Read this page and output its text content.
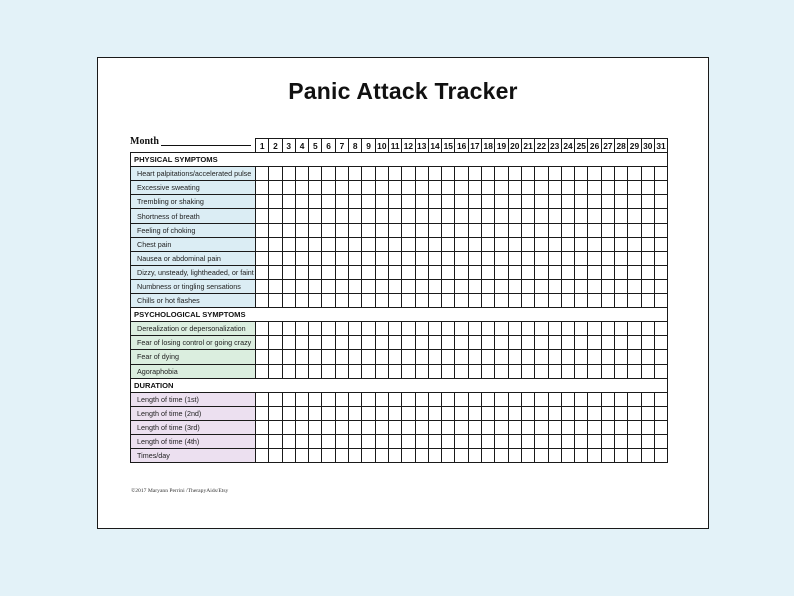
Panic Attack Tracker
Month
		1	2	3	4	5	6	7	8	9	10	11	12	13	14	15	16	17	18	19	20	21	22	23	24	25	26	27	28	29	30	31
PHYSICAL SYMPTOMS																															
Heart palpitations/accelerated pulse																															
Excessive sweating																															
Trembling or shaking																															
Shortness of breath																															
Feeling of choking																															
Chest pain																															
Nausea or abdominal pain																															
Dizzy, unsteady, lightheaded, or faint																															
Numbness or tingling sensations																															
Chills or hot flashes																															
PSYCHOLOGICAL SYMPTOMS																															
Derealization or depersonalization																															
Fear of losing control or going crazy																															
Fear of dying																															
Agoraphobia																															
DURATION																															
Length of time (1st)																															
Length of time (2nd)																															
Length of time (3rd)																															
Length of time (4th)																															
Times/day																															
©2017 Maryann Perrini /TherapyAids/Etsy
